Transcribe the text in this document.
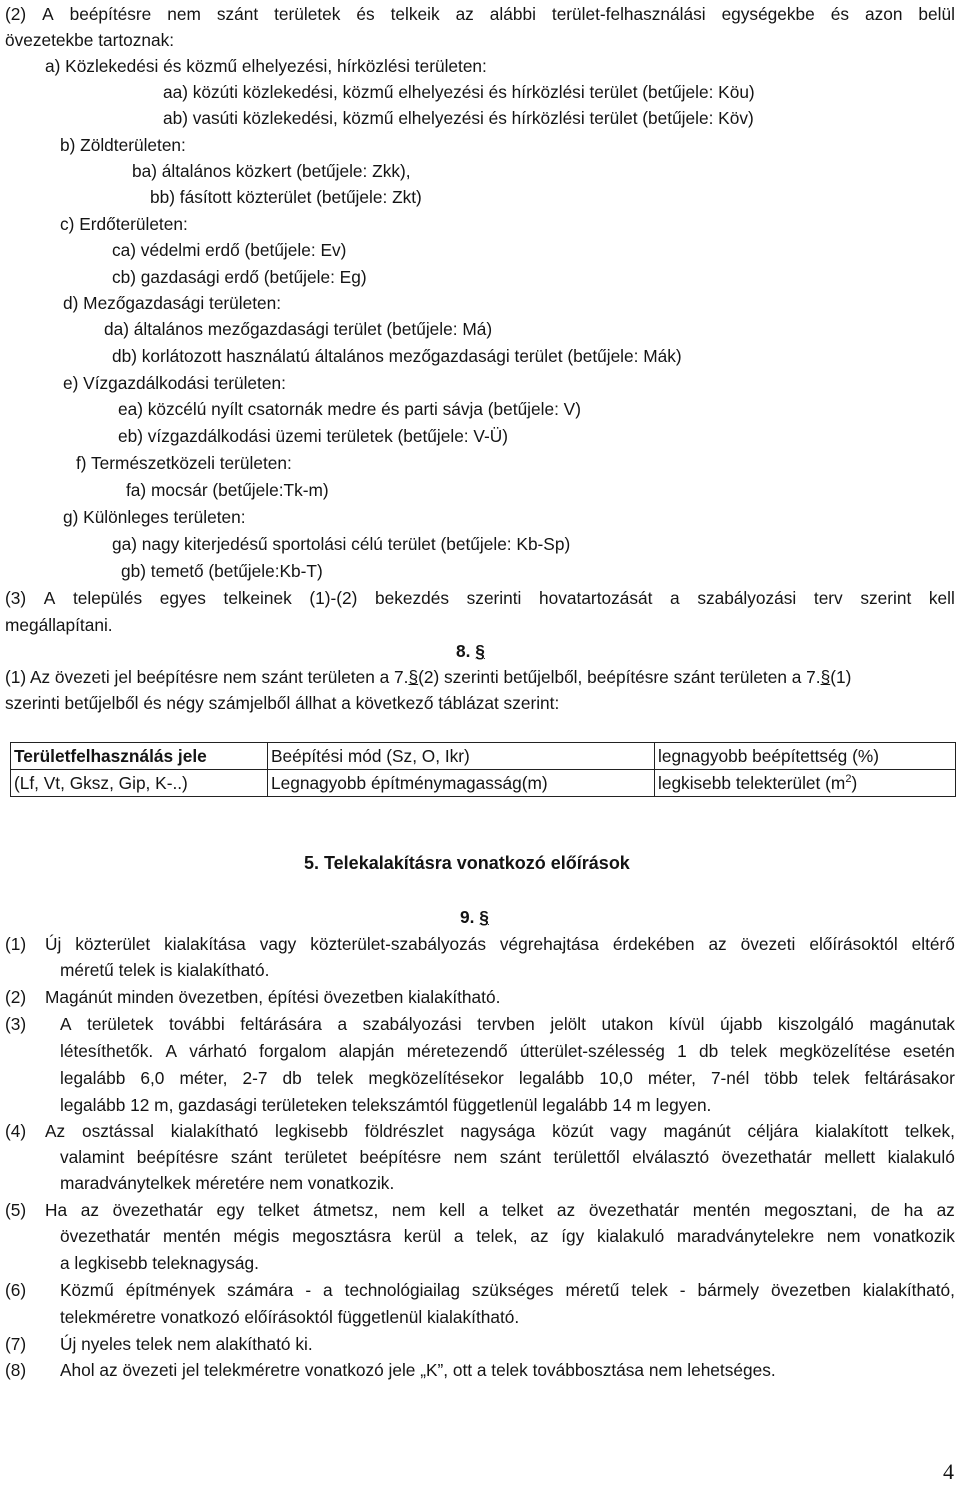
(2) A beépítésre nem szánt területek és telkeik az alábbi terület-felhasználási egységekbe és azon belül
övezetekbe tartoznak:
a) Közlekedési és közmű elhelyezési, hírközlési területen:
aa) közúti közlekedési, közmű elhelyezési és hírközlési terület (betűjele: Köu)
ab) vasúti közlekedési, közmű elhelyezési és hírközlési terület (betűjele: Köv)
b) Zöldterületen:
ba) általános közkert (betűjele: Zkk),
bb) fásított közterület (betűjele: Zkt)
c) Erdőterületen:
ca) védelmi erdő (betűjele: Ev)
cb) gazdasági erdő (betűjele: Eg)
d) Mezőgazdasági területen:
da) általános mezőgazdasági terület (betűjele: Má)
db) korlátozott használatú általános mezőgazdasági terület (betűjele: Mák)
e) Vízgazdálkodási területen:
ea) közcélú nyílt csatornák medre és parti sávja (betűjele: V)
eb) vízgazdálkodási üzemi területek (betűjele: V-Ü)
f) Természetközeli területen:
fa) mocsár (betűjele:Tk-m)
g) Különleges területen:
ga) nagy kiterjedésű sportolási célú terület (betűjele: Kb-Sp)
gb) temető (betűjele:Kb-T)
(3) A település egyes telkeinek (1)-(2) bekezdés szerinti hovatartozását a szabályozási terv szerint kell
megállapítani.
8. §
(1) Az övezeti jel beépítésre nem szánt területen a 7.§(2) szerinti betűjelből, beépítésre szánt területen a 7.§(1)
szerinti betűjelből és négy számjelből állhat a következő táblázat szerint:
Területfelhasználás jele	Beépítési mód (Sz, O, Ikr)	legnagyobb beépítettség (%)
(Lf, Vt, Gksz, Gip, K-..)	Legnagyobb építménymagasság(m)	legkisebb telekterület $(m^2)$
5. Telekalakításra vonatkozó előírások
9. §
(1) Új közterület kialakítása vagy közterület-szabályozás végrehajtása érdekében az övezeti előírásoktól eltérő
méretű telek is kialakítható.
(2) Magánút minden övezetben, építési övezetben kialakítható.
(3) A területek további feltárására a szabályozási tervben jelölt utakon kívül újabb kiszolgáló magánutak
létesíthetők. A várható forgalom alapján méretezendő útterület-szélesség 1 db telek megközelítése esetén
legalább 6,0 méter, 2-7 db telek megközelítésekor legalább 10,0 méter, 7-nél több telek feltárásakor
legalább 12 m, gazdasági területeken telekszámtól függetlenül legalább 14 m legyen.
(4) Az osztással kialakítható legkisebb földrészlet nagysága közút vagy magánút céljára kialakított telkek,
valamint beépítésre szánt területet beépítésre nem szánt területtől elválasztó övezethatár mellett kialakuló
maradványtelkek méretére nem vonatkozik.
(5) Ha az övezethatár egy telket átmetsz, nem kell a telket az övezethatár mentén megosztani, de ha az
övezethatár mentén mégis megosztásra kerül a telek, az így kialakuló maradványtelekre nem vonatkozik
a legkisebb teleknagyság.
(6) Közmű építmények számára - a technológiailag szükséges méretű telek - bármely övezetben kialakítható,
telekméretre vonatkozó előírásoktól függetlenül kialakítható.
(7) Új nyeles telek nem alakítható ki.
(8) Ahol az övezeti jel telekméretre vonatkozó jele „K”, ott a telek továbbosztása nem lehetséges.
4
